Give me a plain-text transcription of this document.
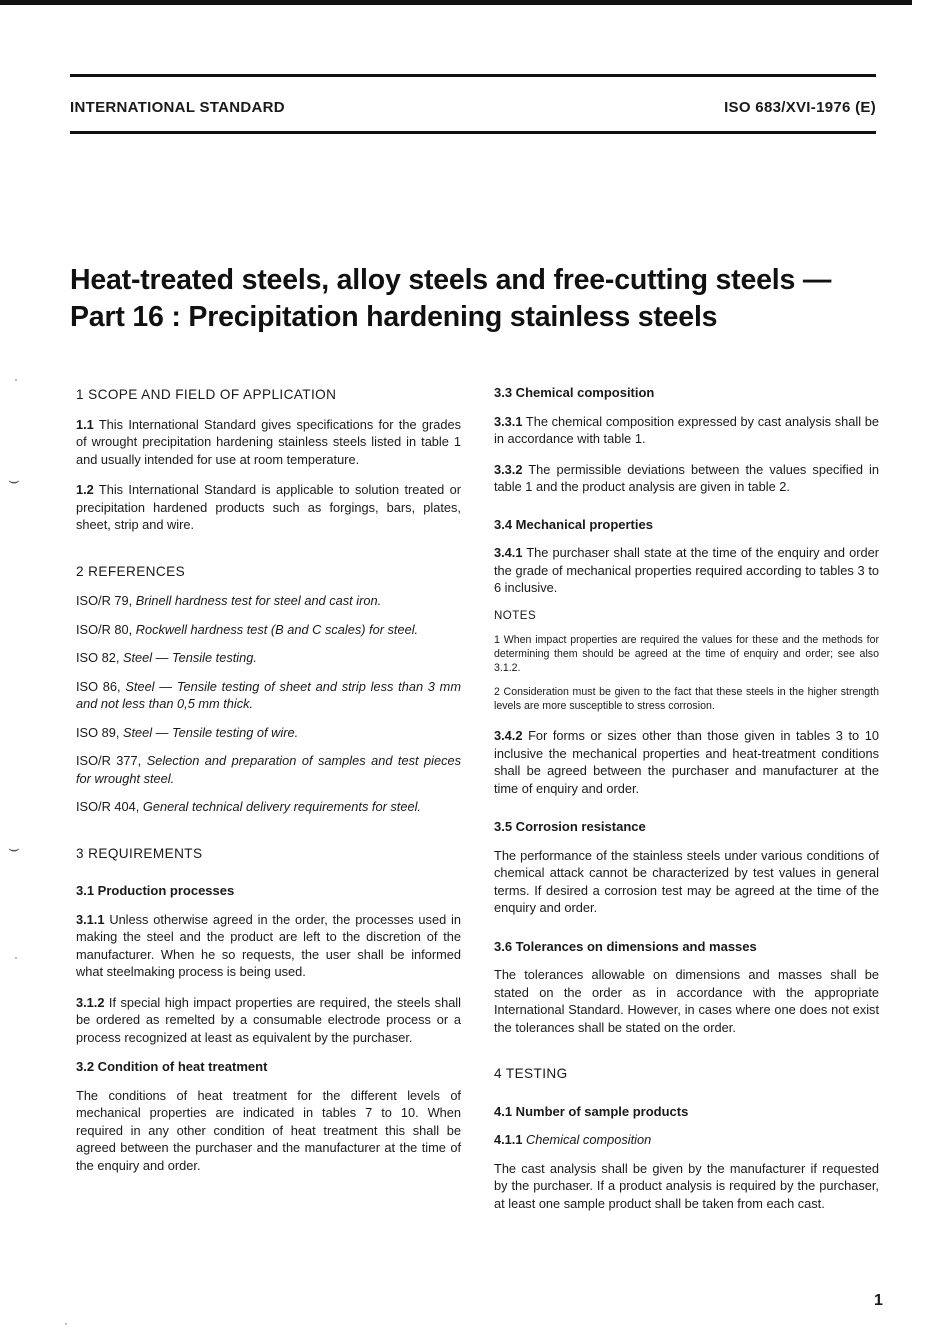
INTERNATIONAL STANDARD	ISO 683/XVI-1976 (E)
Heat-treated steels, alloy steels and free-cutting steels —
Part 16 : Precipitation hardening stainless steels
·
⌣
⌣
·
·

1 SCOPE AND FIELD OF APPLICATION

1.1 This International Standard gives specifications for the grades of wrought precipitation hardening stainless steels listed in table 1 and usually intended for use at room temperature.

1.2 This International Standard is applicable to solution treated or precipitation hardened products such as forgings, bars, plates, sheet, strip and wire.

2 REFERENCES

ISO/R 79, Brinell hardness test for steel and cast iron.

ISO/R 80, Rockwell hardness test (B and C scales) for steel.

ISO 82, Steel — Tensile testing.

ISO 86, Steel — Tensile testing of sheet and strip less than 3 mm and not less than 0,5 mm thick.

ISO 89, Steel — Tensile testing of wire.

ISO/R 377, Selection and preparation of samples and test pieces for wrought steel.

ISO/R 404, General technical delivery requirements for steel.

3 REQUIREMENTS

3.1 Production processes

3.1.1 Unless otherwise agreed in the order, the processes used in making the steel and the product are left to the discretion of the manufacturer. When he so requests, the user shall be informed what steelmaking process is being used.

3.1.2 If special high impact properties are required, the steels shall be ordered as remelted by a consumable electrode process or a process recognized at least as equivalent by the purchaser.

3.2 Condition of heat treatment

The conditions of heat treatment for the different levels of mechanical properties are indicated in tables 7 to 10. When required in any other condition of heat treatment this shall be agreed between the purchaser and the manufacturer at the time of the enquiry and order.

3.3 Chemical composition

3.3.1 The chemical composition expressed by cast analysis shall be in accordance with table 1.

3.3.2 The permissible deviations between the values specified in table 1 and the product analysis are given in table 2.

3.4 Mechanical properties

3.4.1 The purchaser shall state at the time of the enquiry and order the grade of mechanical properties required according to tables 3 to 6 inclusive.

NOTES

1 When impact properties are required the values for these and the methods for determining them should be agreed at the time of enquiry and order; see also 3.1.2.

2 Consideration must be given to the fact that these steels in the higher strength levels are more susceptible to stress corrosion.

3.4.2 For forms or sizes other than those given in tables 3 to 10 inclusive the mechanical properties and heat-treatment conditions shall be agreed between the purchaser and manufacturer at the time of enquiry and order.

3.5 Corrosion resistance

The performance of the stainless steels under various conditions of chemical attack cannot be characterized by test values in general terms. If desired a corrosion test may be agreed at the time of the enquiry and order.

3.6 Tolerances on dimensions and masses

The tolerances allowable on dimensions and masses shall be stated on the order as in accordance with the appropriate International Standard. However, in cases where one does not exist the tolerances shall be stated on the order.

4 TESTING

4.1 Number of sample products

4.1.1 Chemical composition

The cast analysis shall be given by the manufacturer if requested by the purchaser. If a product analysis is required by the purchaser, at least one sample product shall be taken from each cast.

1
